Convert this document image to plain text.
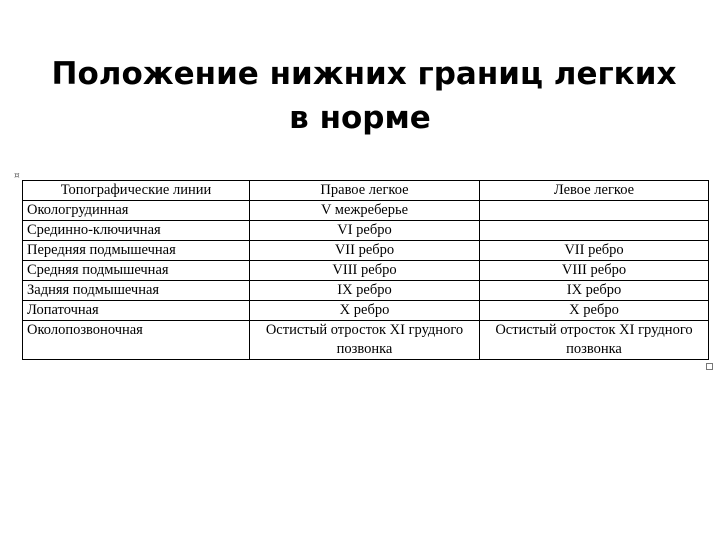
Положение нижних границ легких
в норме
¤
Топографические линии	Правое легкое	Левое легкое
Окологрудинная	V межреберье	
Срединно-ключичная	VI ребро	
Передняя подмышечная	VII ребро	VII ребро
Средняя подмышечная	VIII ребро	VIII ребро
Задняя подмышечная	IX ребро	IX ребро
Лопаточная	X ребро	X ребро
Околопозвоночная	Остистый отросток XI грудного позвонка	Остистый отросток XI грудного позвонка
